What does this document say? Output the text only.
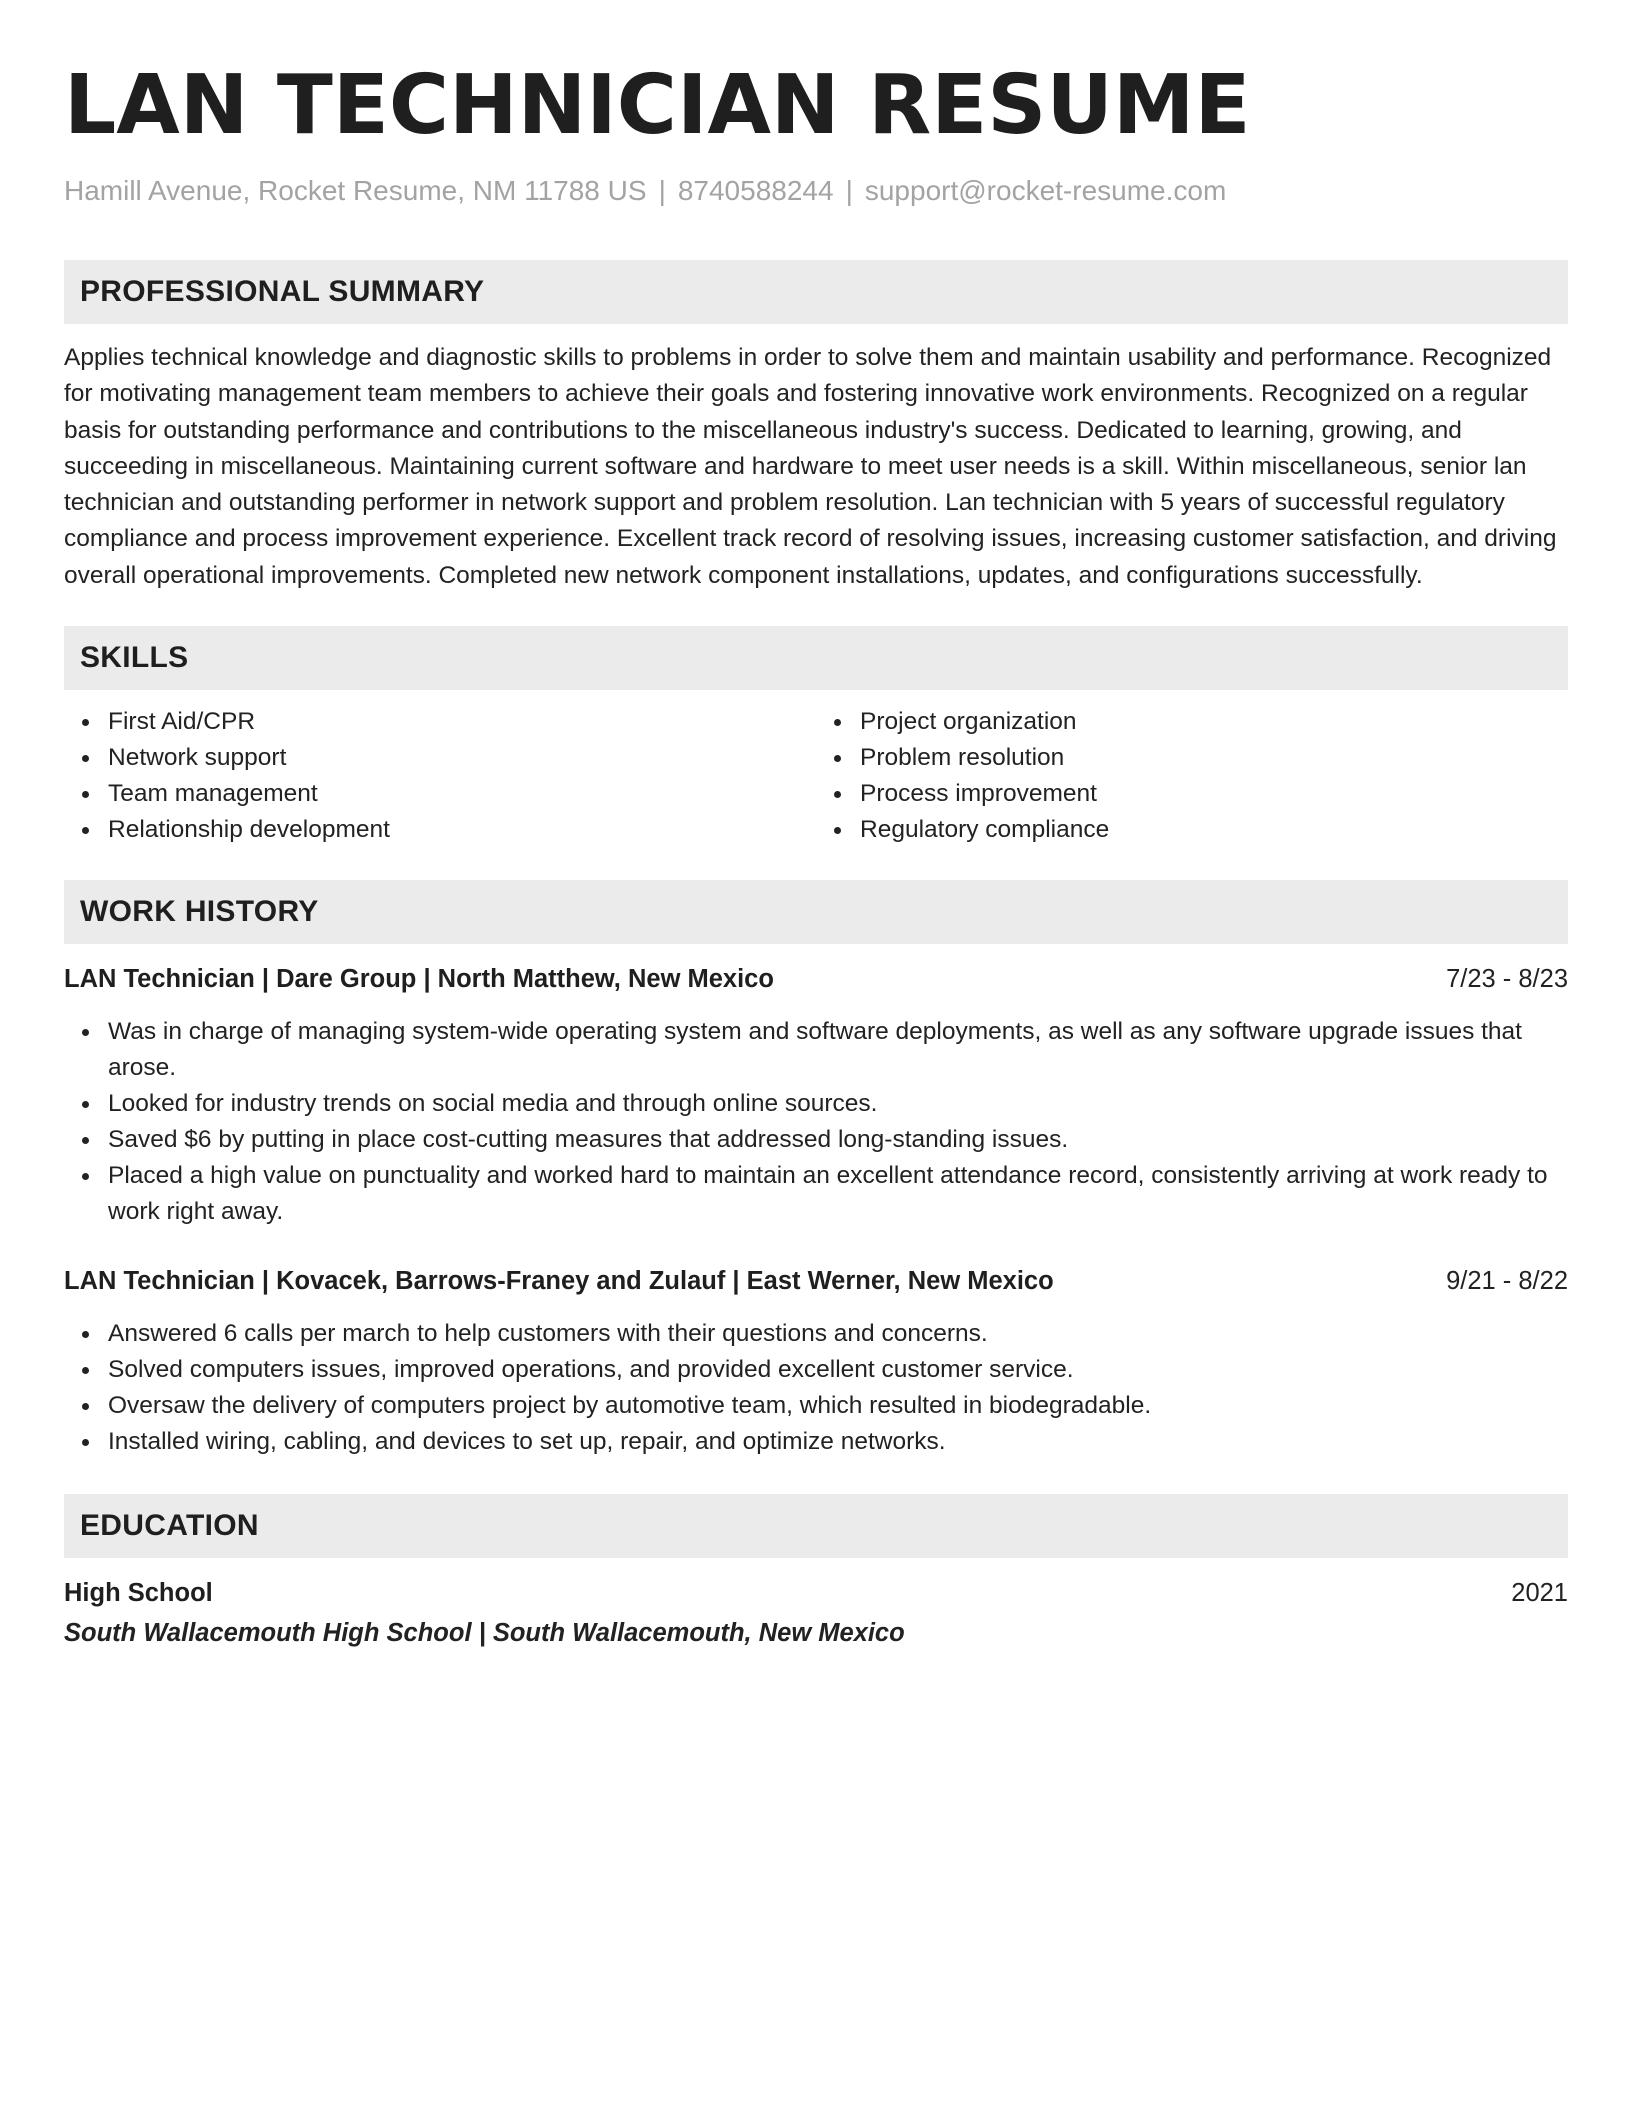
LAN TECHNICIAN RESUME
Hamill Avenue, Rocket Resume, NM 11788 US | 8740588244 | support@rocket-resume.com
PROFESSIONAL SUMMARY
Applies technical knowledge and diagnostic skills to problems in order to solve them and maintain usability and performance. Recognized for motivating management team members to achieve their goals and fostering innovative work environments. Recognized on a regular basis for outstanding performance and contributions to the miscellaneous industry's success. Dedicated to learning, growing, and succeeding in miscellaneous. Maintaining current software and hardware to meet user needs is a skill. Within miscellaneous, senior lan technician and outstanding performer in network support and problem resolution. Lan technician with 5 years of successful regulatory compliance and process improvement experience. Excellent track record of resolving issues, increasing customer satisfaction, and driving overall operational improvements. Completed new network component installations, updates, and configurations successfully.
SKILLS
First Aid/CPR
Network support
Team management
Relationship development
Project organization
Problem resolution
Process improvement
Regulatory compliance
WORK HISTORY
LAN Technician | Dare Group | North Matthew, New Mexico	7/23 - 8/23
Was in charge of managing system-wide operating system and software deployments, as well as any software upgrade issues that arose.
Looked for industry trends on social media and through online sources.
Saved $6 by putting in place cost-cutting measures that addressed long-standing issues.
Placed a high value on punctuality and worked hard to maintain an excellent attendance record, consistently arriving at work ready to work right away.
LAN Technician | Kovacek, Barrows-Franey and Zulauf | East Werner, New Mexico	9/21 - 8/22
Answered 6 calls per march to help customers with their questions and concerns.
Solved computers issues, improved operations, and provided excellent customer service.
Oversaw the delivery of computers project by automotive team, which resulted in biodegradable.
Installed wiring, cabling, and devices to set up, repair, and optimize networks.
EDUCATION
High School	2021
South Wallacemouth High School | South Wallacemouth, New Mexico
